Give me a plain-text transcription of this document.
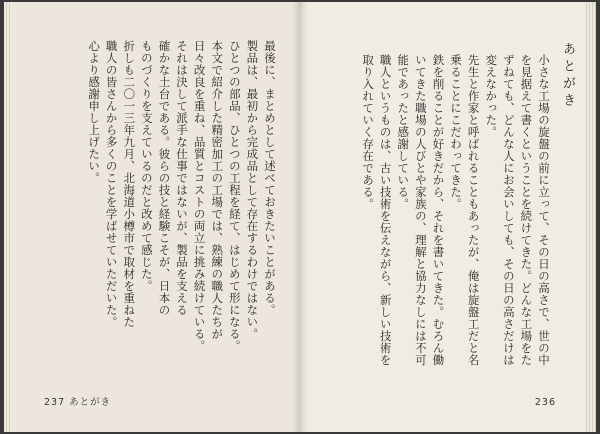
最後に、まとめとして述べておきたいことがある。
製品は、最初から完成品として存在するわけではない。
ひとつの部品、ひとつの工程を経て、はじめて形になる。
本文で紹介した精密加工の工場では、熟練の職人たちが
日々改良を重ね、品質とコストの両立に挑み続けている。
それは決して派手な仕事ではないが、製品を支える
確かな土台である。彼らの技と経験こそが、日本の
ものづくりを支えているのだと改めて感じた。
折しも二〇一三年九月、北海道小樽市で取材を重ねた
職人の皆さんから多くのことを学ばせていただいた。
心より感謝申し上げたい。
237 あとがき
あとがき
小さな工場の旋盤の前に立って、その日の高さで、世の中を見据えて書くということを続けてきた。どんな工場をたずねても、どんな人にお会いしても、その日の高さだけは変えなかった。
先生と作家と呼ばれることもあったが、俺は旋盤工だと名乗ることにこだわってきた。
鉄を削ることが好きだから、それを書いてきた。むろん働いてきた職場の人びとや家族の、理解と協力なしには不可能であったと感謝している。
職人というものは、古い技術を伝えながら、新しい技術を取り入れていく存在である。
236
